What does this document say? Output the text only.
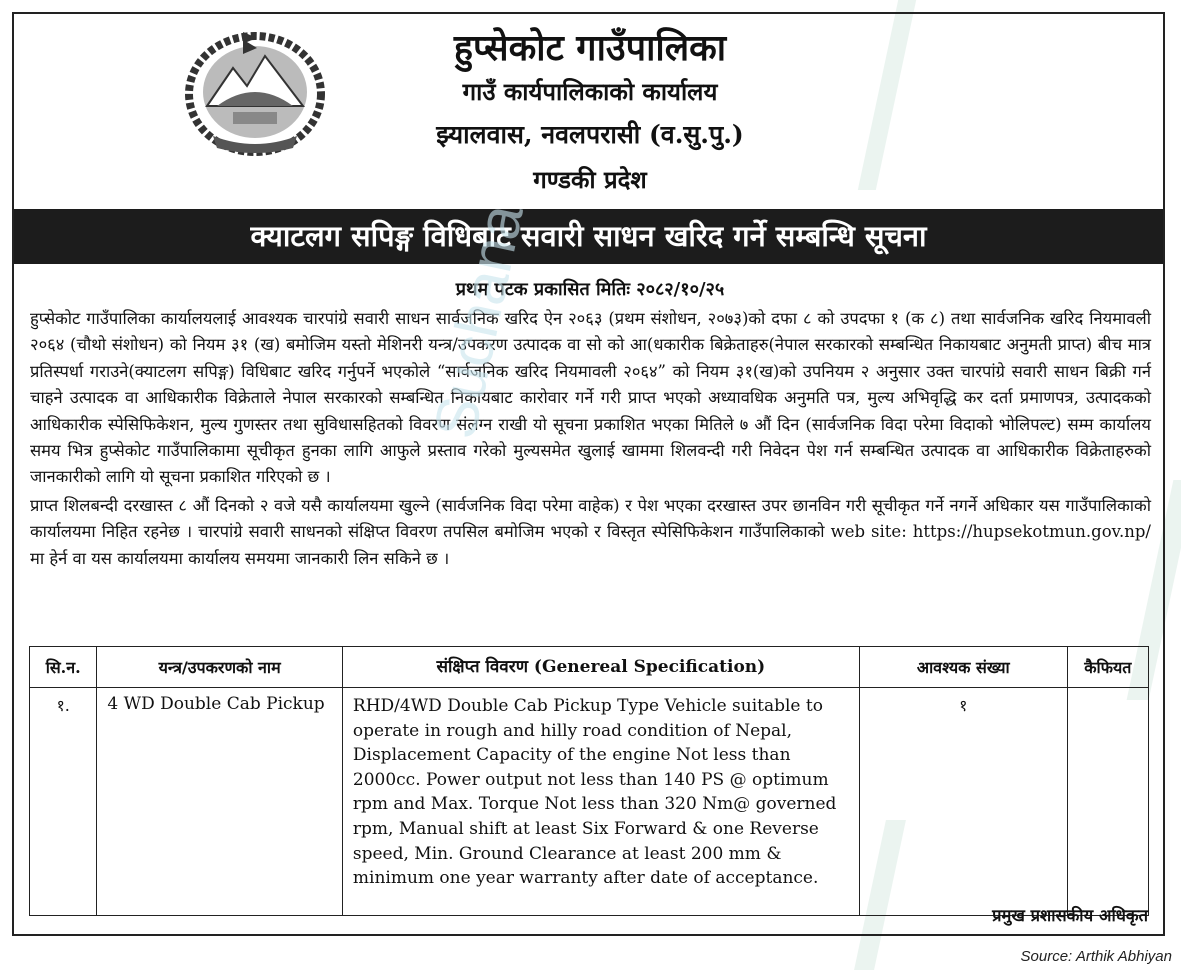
हुप्सेकोट गाउँपालिका
गाउँ कार्यपालिकाको कार्यालय
झ्यालवास, नवलपरासी (व.सु.पु.)
गण्डकी प्रदेश
क्याटलग सपिङ्ग विधिबाट सवारी साधन खरिद गर्ने सम्बन्धि सूचना
प्रथम पटक प्रकासित मितिः २०८२/१०/२५

हुप्सेकोट गाउँपालिका कार्यालयलाई आवश्यक चारपांग्रे सवारी साधन सार्वजनिक खरिद ऐन २०६३ (प्रथम संशोधन, २०७३)को दफा ८ को उपदफा १ (क ८) तथा सार्वजनिक खरिद नियमावली २०६४ (चौथो संशोधन) को नियम ३१ (ख) बमोजिम यस्तो मेशिनरी यन्त्र/उपकरण उत्पादक वा सो को आ(धकारीक बिक्रेताहरु(नेपाल सरकारको सम्बन्धित निकायबाट अनुमती प्राप्त) बीच मात्र प्रतिस्पर्धा गराउने(क्याटलग सपिङ्ग) विधिबाट खरिद गर्नुपर्ने भएकोले “सार्वजनिक खरिद नियमावली २०६४” को नियम ३१(ख)को उपनियम २ अनुसार उक्त चारपांग्रे सवारी साधन बिक्री गर्न चाहने उत्पादक वा आधिकारीक विक्रेताले नेपाल सरकारको सम्बन्धित निकायबाट कारोवार गर्ने गरी प्राप्त भएको अध्यावधिक अनुमति पत्र, मुल्य अभिवृद्धि कर दर्ता प्रमाणपत्र, उत्पादकको आधिकारीक स्पेसिफिकेशन, मुल्य गुणस्तर तथा सुविधासहितको विवरण संलग्न राखी यो सूचना प्रकाशित भएका मितिले ७ औं दिन (सार्वजनिक विदा परेमा विदाको भोलिपल्ट) सम्म कार्यालय समय भित्र हुप्सेकोट गाउँपालिकामा सूचीकृत हुनका लागि आफुले प्रस्ताव गरेको मुल्यसमेत खुलाई खाममा शिलवन्दी गरी निवेदन पेश गर्न सम्बन्धित उत्पादक वा आधिकारीक विक्रेताहरुको जानकारीको लागि यो सूचना प्रकाशित गरिएको छ ।

प्राप्त शिलबन्दी दरखास्त ८ औं दिनको २ वजे यसै कार्यालयमा खुल्ने (सार्वजनिक विदा परेमा वाहेक) र पेश भएका दरखास्त उपर छानविन गरी सूचीकृत गर्ने नगर्ने अधिकार यस गाउँपालिकाको कार्यालयमा निहित रहनेछ । चारपांग्रे सवारी साधनको संक्षिप्त विवरण तपसिल बमोजिम भएको र विस्तृत स्पेसिफिकेशन गाउँपालिकाको web site: https://hupsekotmun.gov.np/ मा हेर्न वा यस कार्यालयमा कार्यालय समयमा जानकारी लिन सकिने छ ।

Suchana
सि.न.	यन्त्र/उपकरणको नाम	संक्षिप्त विवरण (Genereal Specification)	आवश्यक संख्या	कैफियत
१.	4 WD Double Cab Pickup	RHD/4WD Double Cab Pickup Type Vehicle suitable to operate in rough and hilly road condition of Nepal, Displacement Capacity of the engine Not less than 2000cc. Power output not less than 140 PS @ optimum rpm and Max. Torque Not less than 320 Nm@ governed rpm, Manual shift at least Six Forward & one Reverse speed, Min. Ground Clearance at least 200 mm & minimum one year warranty after date of acceptance.	१	
प्रमुख प्रशासकीय अधिकृत
Source: Arthik Abhiyan
